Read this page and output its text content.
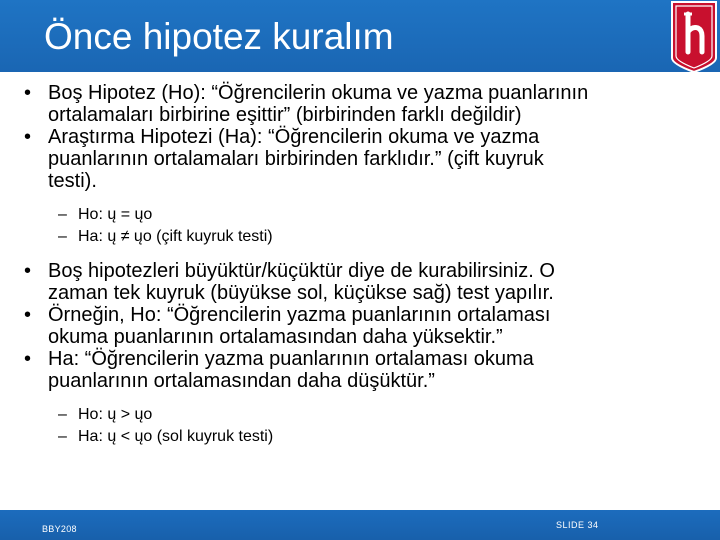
Önce hipotez kuralım
• Boş Hipotez (Ho): “Öğrencilerin okuma ve yazma puanlarının
ortalamaları birbirine eşittir” (birbirinden farklı değildir)
• Araştırma Hipotezi (Ha): “Öğrencilerin okuma ve yazma
puanlarının ortalamaları birbirinden farklıdır.” (çift kuyruk
testi).
– Ho: ų = ųo
– Ha: ų ≠ ųo (çift kuyruk testi)
• Boş hipotezleri büyüktür/küçüktür diye de kurabilirsiniz. O
zaman tek kuyruk (büyükse sol, küçükse sağ) test yapılır.
• Örneğin, Ho: “Öğrencilerin yazma puanlarının ortalaması
okuma puanlarının ortalamasından daha yüksektir.”
• Ha: “Öğrencilerin yazma puanlarının ortalaması okuma
puanlarının ortalamasından daha düşüktür.”
– Ho: ų > ųo
– Ha: ų < ųo (sol kuyruk testi)
BBY208	SLIDE 34
